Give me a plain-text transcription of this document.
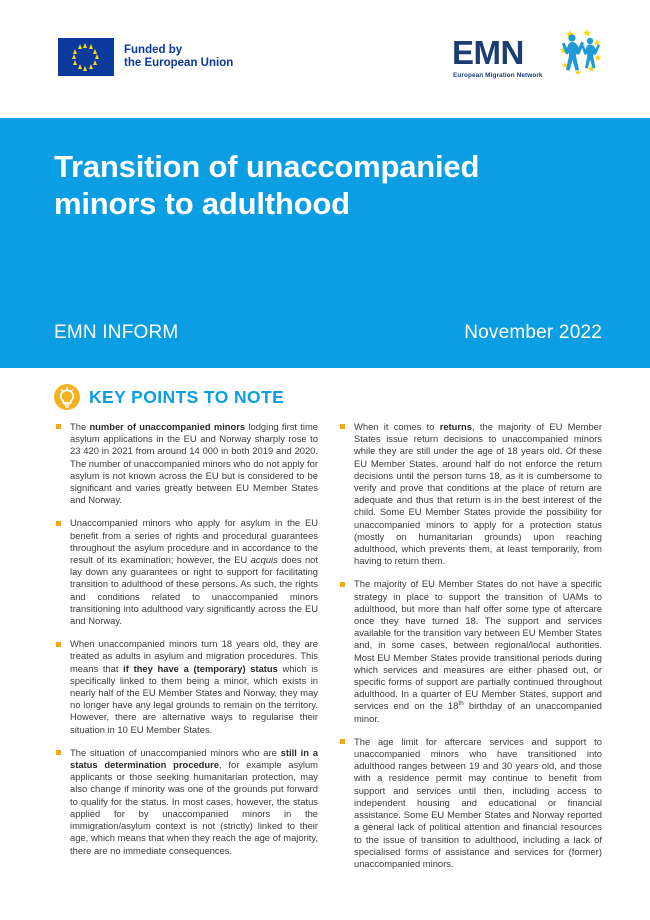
Funded by
the European Union	EMN
European Migration Network
Transition of unaccompanied minors to adulthood
EMN INFORM	November 2022
KEY POINTS TO NOTE
The number of unaccompanied minors lodging first time asylum applications in the EU and Norway sharply rose to 23 420 in 2021 from around 14 000 in both 2019 and 2020. The number of unaccompanied minors who do not apply for asylum is not known across the EU but is considered to be significant and varies greatly between EU Member States and Norway.
Unaccompanied minors who apply for asylum in the EU benefit from a series of rights and procedural guarantees throughout the asylum procedure and in accordance to the result of its examination; however, the EU acquis does not lay down any guarantees or right to support for facilitating transition to adulthood of these persons. As such, the rights and conditions related to unaccompanied minors transitioning into adulthood vary significantly across the EU and Norway.
When unaccompanied minors turn 18 years old, they are treated as adults in asylum and migration procedures. This means that if they have a (temporary) status which is specifically linked to them being a minor, which exists in nearly half of the EU Member States and Norway, they may no longer have any legal grounds to remain on the territory. However, there are alternative ways to regularise their situation in 10 EU Member States.
The situation of unaccompanied minors who are still in a status determination procedure, for example asylum applicants or those seeking humanitarian protection, may also change if minority was one of the grounds put forward to qualify for the status. In most cases, however, the status applied for by unaccompanied minors in the immigration/asylum context is not (strictly) linked to their age, which means that when they reach the age of majority, there are no immediate consequences.
When it comes to returns, the majority of EU Member States issue return decisions to unaccompanied minors while they are still under the age of 18 years old. Of these EU Member States, around half do not enforce the return decisions until the person turns 18, as it is cumbersome to verify and prove that conditions at the place of return are adequate and thus that return is in the best interest of the child. Some EU Member States provide the possibility for unaccompanied minors to apply for a protection status (mostly on humanitarian grounds) upon reaching adulthood, which prevents them, at least temporarily, from having to return them.
The majority of EU Member States do not have a specific strategy in place to support the transition of UAMs to adulthood, but more than half offer some type of aftercare once they have turned 18. The support and services available for the transition vary between EU Member States and, in some cases, between regional/local authorities. Most EU Member States provide transitional periods during which services and measures are either phased out, or specific forms of support are partially continued throughout adulthood. In a quarter of EU Member States, support and services end on the 18th birthday of an unaccompanied minor.
The age limit for aftercare services and support to unaccompanied minors who have transitioned into adulthood ranges between 19 and 30 years old, and those with a residence permit may continue to benefit from support and services until then, including access to independent housing and educational or financial assistance. Some EU Member States and Norway reported a general lack of political attention and financial resources to the issue of transition to adulthood, including a lack of specialised forms of assistance and services for (former) unaccompanied minors.
